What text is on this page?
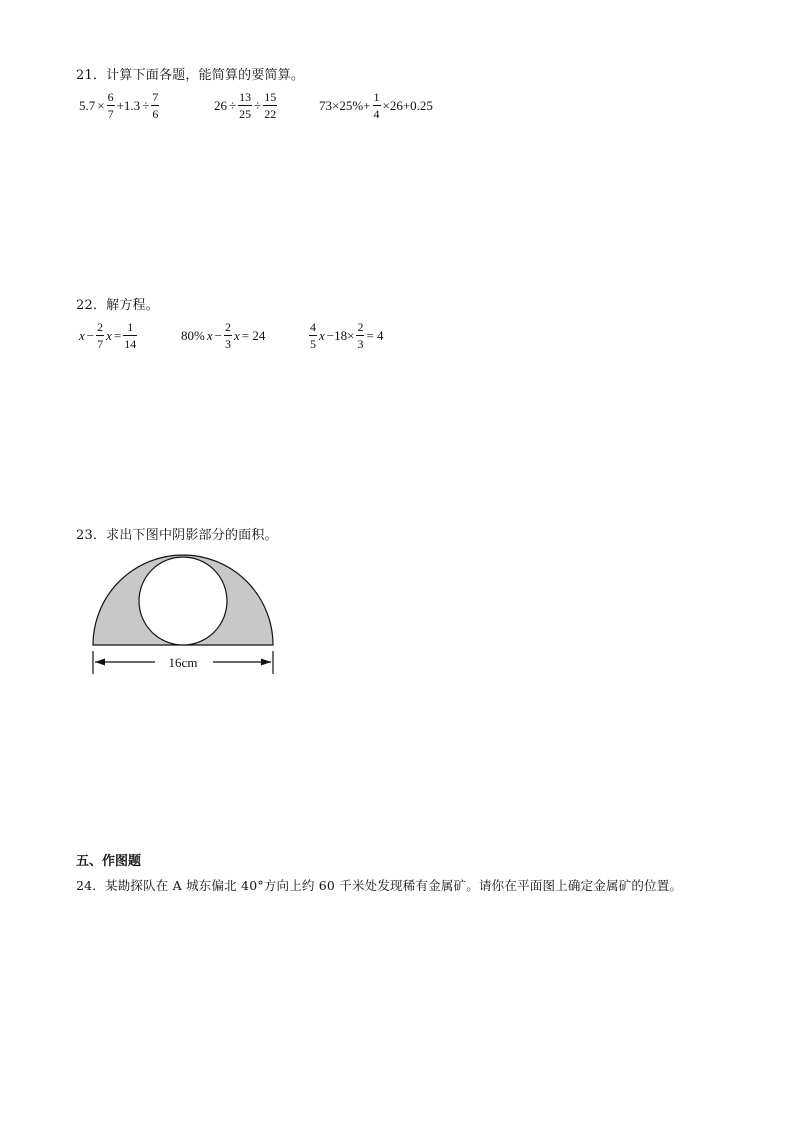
21．计算下面各题，能简算的要简算。
$5.7 \times \frac{6}{7} +1.3 \div \frac{7}{6}$	$26 \div \frac{13}{25} \div \frac{15}{22}$	$73\times 25\%+ \frac{1}{4} \times 26+0.25$
22．解方程。
$x - \frac{2}{7}$ $x = \frac{1}{14}$	80% $x - \frac{2}{3}$ x = 24	$\frac{4}{5}$ $x -18\times \frac{2}{3} = 4$
23．求出下图中阴影部分的面积。
16cm
五、作图题
24．某勘探队在 A 城东偏北 40°方向上约 60 千米处发现稀有金属矿。请你在平面图上确定金属矿的位置。
